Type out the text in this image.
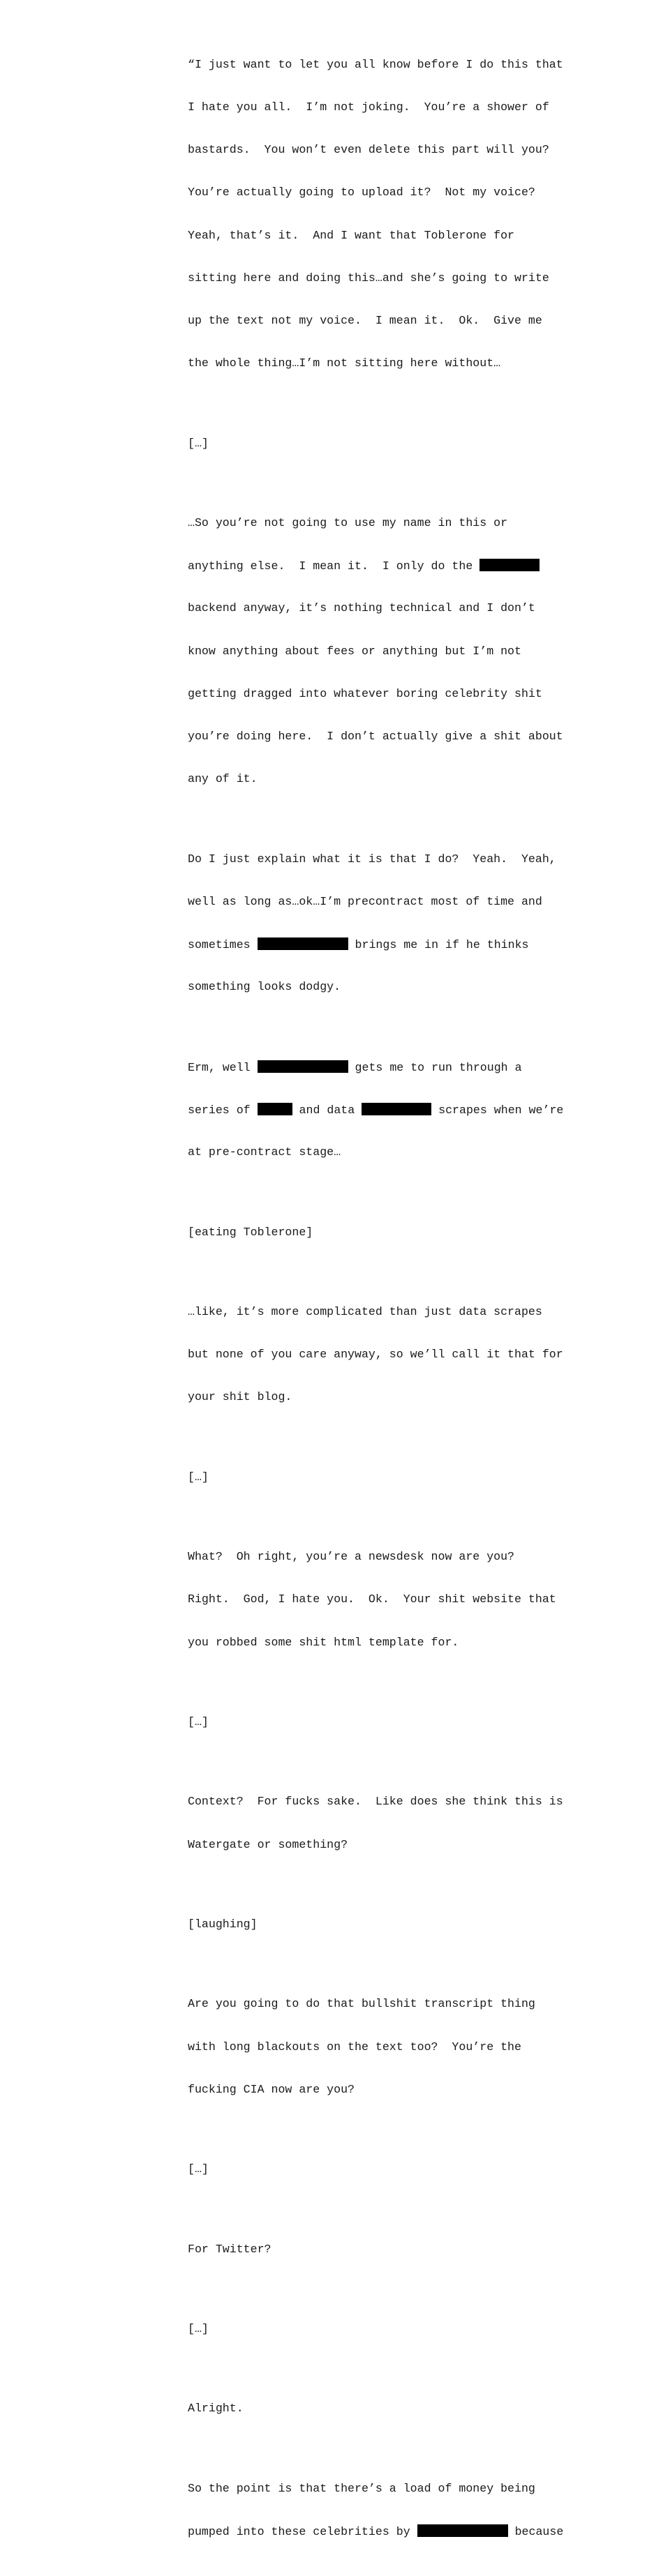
“I just want to let you all know before I do this that

I hate you all.  I’m not joking.  You’re a shower of

bastards.  You won’t even delete this part will you?

You’re actually going to upload it?  Not my voice?

Yeah, that’s it.  And I want that Toblerone for

sitting here and doing this…and she’s going to write

up the text not my voice.  I mean it.  Ok.  Give me

the whole thing…I’m not sitting here without…

[…]

…So you’re not going to use my name in this or

anything else.  I mean it.  I only do the

backend anyway, it’s nothing technical and I don’t

know anything about fees or anything but I’m not

getting dragged into whatever boring celebrity shit

you’re doing here.  I don’t actually give a shit about

any of it.

Do I just explain what it is that I do?  Yeah.  Yeah,

well as long as…ok…I’m precontract most of time and

sometimes	brings me in if he thinks

something looks dodgy.

Erm, well	gets me to run through a

series of	and data	scrapes when we’re

at pre-contract stage…

[eating Toblerone]

…like, it’s more complicated than just data scrapes

but none of you care anyway, so we’ll call it that for

your shit blog.

[…]

What?  Oh right, you’re a newsdesk now are you?

Right.  God, I hate you.  Ok.  Your shit website that

you robbed some shit html template for.

[…]

Context?  For fucks sake.  Like does she think this is

Watergate or something?

[laughing]

Are you going to do that bullshit transcript thing

with long blackouts on the text too?  You’re the

fucking CIA now are you?

[…]

For Twitter?

[…]

Alright.

So the point is that there’s a load of money being

pumped into these celebrities by	because
